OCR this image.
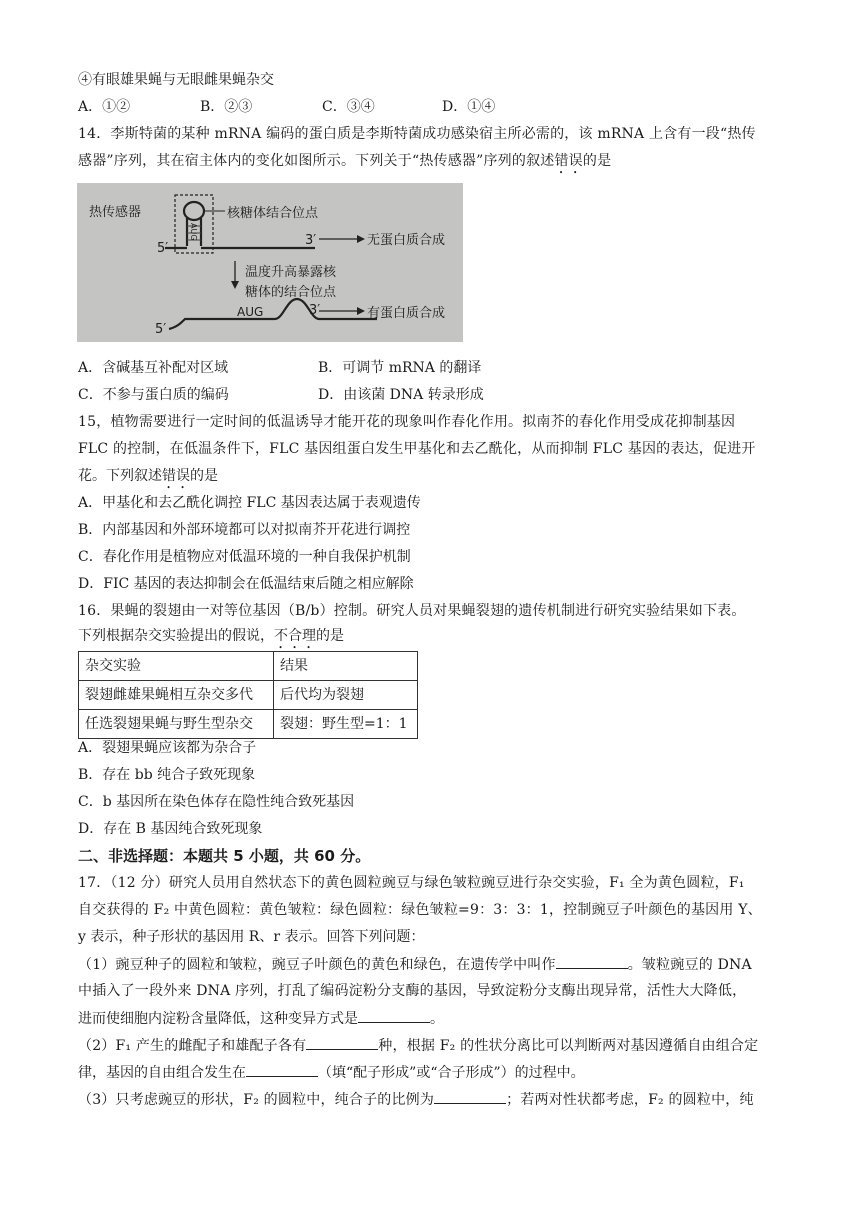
④有眼雄果蝇与无眼雌果蝇杂交
A．①②	B．②③	C．③④	D．①④
14．李斯特菌的某种 mRNA 编码的蛋白质是李斯特菌成功感染宿主所必需的，该 mRNA 上含有一段“热传
感器”序列，其在宿主体内的变化如图所示。下列关于“热传感器”序列的叙述错误的是
热传感器	核糖体结合位点
5′
AUG	3′	无蛋白质合成
温度升高暴露核
糖体的结合位点
5′
AUG	3′	有蛋白质合成
A．含碱基互补配对区域	B．可调节 mRNA 的翻译
C．不参与蛋白质的编码	D．由该菌 DNA 转录形成
15，植物需要进行一定时间的低温诱导才能开花的现象叫作春化作用。拟南芥的春化作用受成花抑制基因
FLC 的控制，在低温条件下，FLC 基因组蛋白发生甲基化和去乙酰化，从而抑制 FLC 基因的表达，促进开
花。下列叙述错误的是
A．甲基化和去乙酰化调控 FLC 基因表达属于表观遗传
B．内部基因和外部环境都可以对拟南芥开花进行调控
C．春化作用是植物应对低温环境的一种自我保护机制
D．FIC 基因的表达抑制会在低温结束后随之相应解除
16．果蝇的裂翅由一对等位基因（B/b）控制。研究人员对果蝇裂翅的遗传机制进行研究实验结果如下表。
下列根据杂交实验提出的假说，不合理的是
杂交实验	结果
裂翅雌雄果蝇相互杂交多代	后代均为裂翅
任选裂翅果蝇与野生型杂交	裂翅：野生型=1：1
A．裂翅果蝇应该都为杂合子
B．存在 bb 纯合子致死现象
C．b 基因所在染色体存在隐性纯合致死基因
D．存在 B 基因纯合致死现象
二、非选择题：本题共 5 小题，共 60 分。
17．（12 分）研究人员用自然状态下的黄色圆粒豌豆与绿色皱粒豌豆进行杂交实验，F₁ 全为黄色圆粒，F₁
自交获得的 F₂ 中黄色圆粒：黄色皱粒：绿色圆粒：绿色皱粒=9：3：3：1，控制豌豆子叶颜色的基因用 Y、
y 表示，种子形状的基因用 R、r 表示。回答下列问题：
（1）豌豆种子的圆粒和皱粒，豌豆子叶颜色的黄色和绿色，在遗传学中叫作	。皱粒豌豆的 DNA
中插入了一段外来 DNA 序列，打乱了编码淀粉分支酶的基因，导致淀粉分支酶出现异常，活性大大降低，
进而使细胞内淀粉含量降低，这种变异方式是	。
（2）F₁ 产生的雌配子和雄配子各有	种，根据 F₂ 的性状分离比可以判断两对基因遵循自由组合定
律，基因的自由组合发生在	（填“配子形成”或“合子形成”）的过程中。
（3）只考虑豌豆的形状，F₂ 的圆粒中，纯合子的比例为	；若两对性状都考虑，F₂ 的圆粒中，纯
